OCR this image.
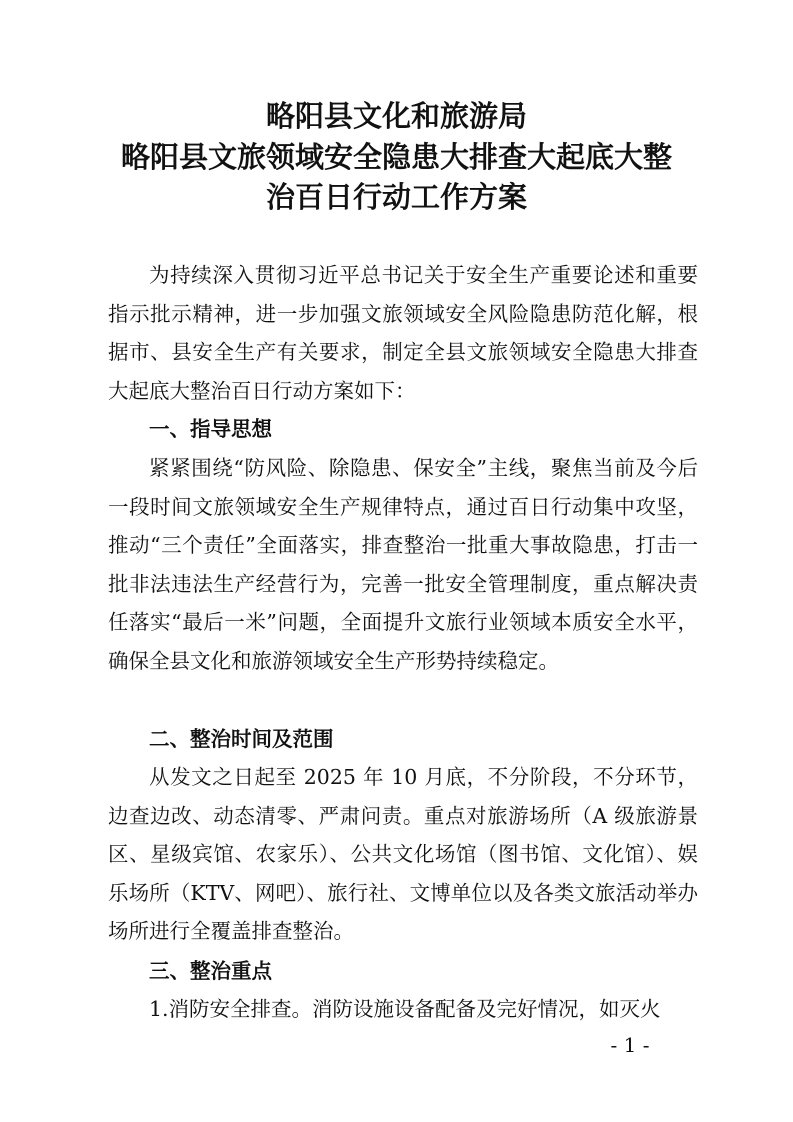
略阳县文化和旅游局
略阳县文旅领域安全隐患大排查大起底大整
治百日行动工作方案

为持续深入贯彻习近平总书记关于安全生产重要论述和重要指示批示精神，进一步加强文旅领域安全风险隐患防范化解，根据市、县安全生产有关要求，制定全县文旅领域安全隐患大排查大起底大整治百日行动方案如下：

一、指导思想

紧紧围绕“防风险、除隐患、保安全”主线，聚焦当前及今后一段时间文旅领域安全生产规律特点，通过百日行动集中攻坚，推动“三个责任”全面落实，排查整治一批重大事故隐患，打击一批非法违法生产经营行为，完善一批安全管理制度，重点解决责任落实“最后一米”问题，全面提升文旅行业领域本质安全水平，确保全县文化和旅游领域安全生产形势持续稳定。

二、整治时间及范围

从发文之日起至 2025 年 10 月底，不分阶段，不分环节，边查边改、动态清零、严肃问责。重点对旅游场所（A 级旅游景区、星级宾馆、农家乐）、公共文化场馆（图书馆、文化馆）、娱乐场所（KTV、网吧）、旅行社、文博单位以及各类文旅活动举办场所进行全覆盖排查整治。

三、整治重点

1.消防安全排查。消防设施设备配备及完好情况，如灭火

- 1 -
